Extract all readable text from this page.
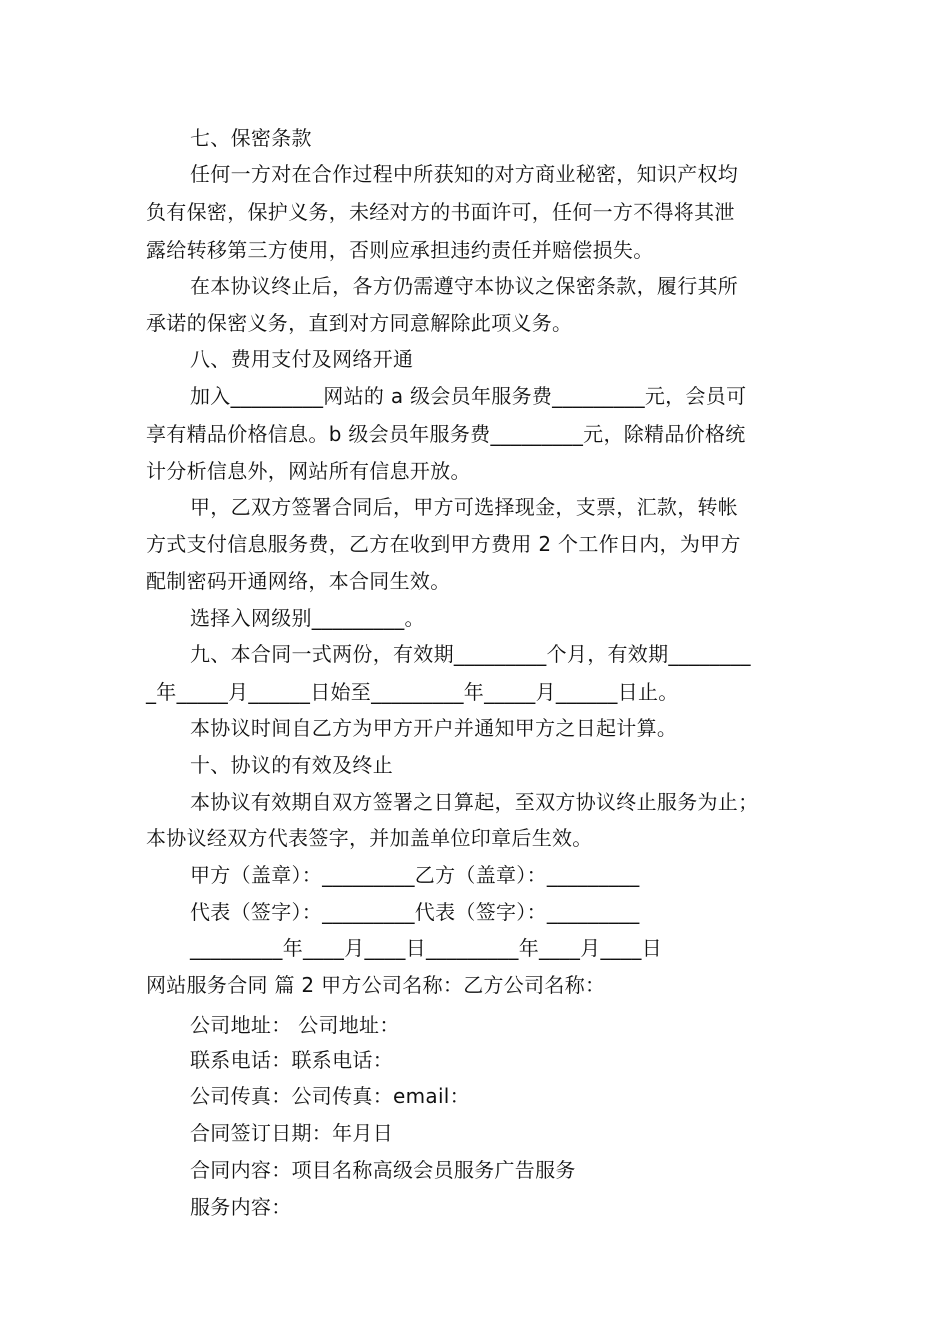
七、保密条款
任何一方对在合作过程中所获知的对方商业秘密，知识产权均
负有保密，保护义务，未经对方的书面许可，任何一方不得将其泄
露给转移第三方使用，否则应承担违约责任并赔偿损失。
在本协议终止后，各方仍需遵守本协议之保密条款，履行其所
承诺的保密义务，直到对方同意解除此项义务。
八、费用支付及网络开通
加入_________网站的 a 级会员年服务费_________元，会员可
享有精品价格信息。b 级会员年服务费_________元，除精品价格统
计分析信息外，网站所有信息开放。
甲，乙双方签署合同后，甲方可选择现金，支票，汇款，转帐
方式支付信息服务费，乙方在收到甲方费用 2 个工作日内，为甲方
配制密码开通网络，本合同生效。
选择入网级别_________。
九、本合同一式两份，有效期_________个月，有效期________
_年_____月______日始至_________年_____月______日止。
本协议时间自乙方为甲方开户并通知甲方之日起计算。
十、协议的有效及终止
本协议有效期自双方签署之日算起，至双方协议终止服务为止；
本协议经双方代表签字，并加盖单位印章后生效。
甲方（盖章）：_________乙方（盖章）：_________
代表（签字）：_________代表（签字）：_________
_________年____月____日_________年____月____日
网站服务合同 篇 2 甲方公司名称：乙方公司名称：
公司地址： 公司地址：
联系电话：联系电话：
公司传真：公司传真：email：
合同签订日期：年月日
合同内容：项目名称高级会员服务广告服务
服务内容：
